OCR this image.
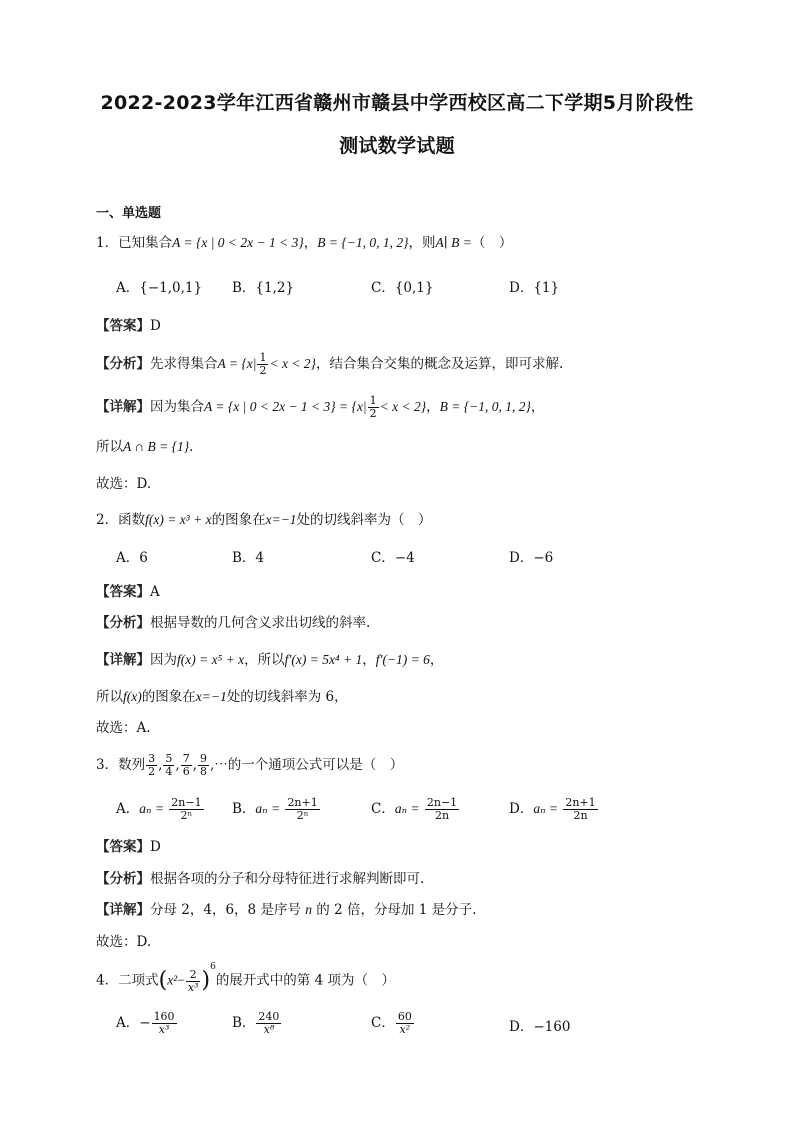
2022-2023学年江西省赣州市赣县中学西校区高二下学期5月阶段性
测试数学试题
一、单选题
1．已知集合A = {x | 0 < 2x − 1 < 3}，B = {−1, 0, 1, 2}，则A∣ B =（　）
A．{−1,0,1} B．{1,2}	C．{0,1}	D．{1}
【答案】D
【分析】先求得集合$A = \{x| \frac{1}{2} < x < 2\}$，结合集合交集的概念及运算，即可求解.
【详解】因为集合A = {x | $0 < 2x - 1 < 3\} = \{x| \frac{1}{2} < x < 2\}$，B = {−1, 0, 1, 2}，
所以A ∩ B = {1}.
故选：D.
2．函数f(x) = x³ + x的图象在x=−1处的切线斜率为（　）
A．6	B．4	C．−4	D．−6
【答案】A
【分析】根据导数的几何含义求出切线的斜率.
【详解】因为f(x) = x⁵ + x，所以f′(x) = 5x⁴ + 1，f′(−1) = 6，
所以f(x)的图象在x=−1处的切线斜率为 6，
故选：A.
3．数列 $\frac{3}{2}$ , $\frac{5}{4}$ , $\frac{7}{6}$ , $\frac{9}{8}$ ,⋯的一个通项公式可以是（　）
A．$a_n = \frac{2n-1}{\text{2ⁿ}}$ B．$a_n = \frac{2n+1}{\text{2ⁿ}}$	C．$a_n = \frac{2n-1}{2n}$	D．$a_n = \frac{2n+1}{2n}$
【答案】D
【分析】根据各项的分子和分母特征进行求解判断即可.
【详解】分母 2，4，6，8 是序号 n 的 2 倍，分母加 1 是分子.
故选：D.
4．二项式$(x^2- \frac{2}{\text{x³}} )^6$的展开式中的第 4 项为（　）
A．− $\frac{160}{\text{x³}}$	B． $\frac{240}{\text{x⁸}}$	C． $\frac{60}{\text{x²}}$	D．−160
